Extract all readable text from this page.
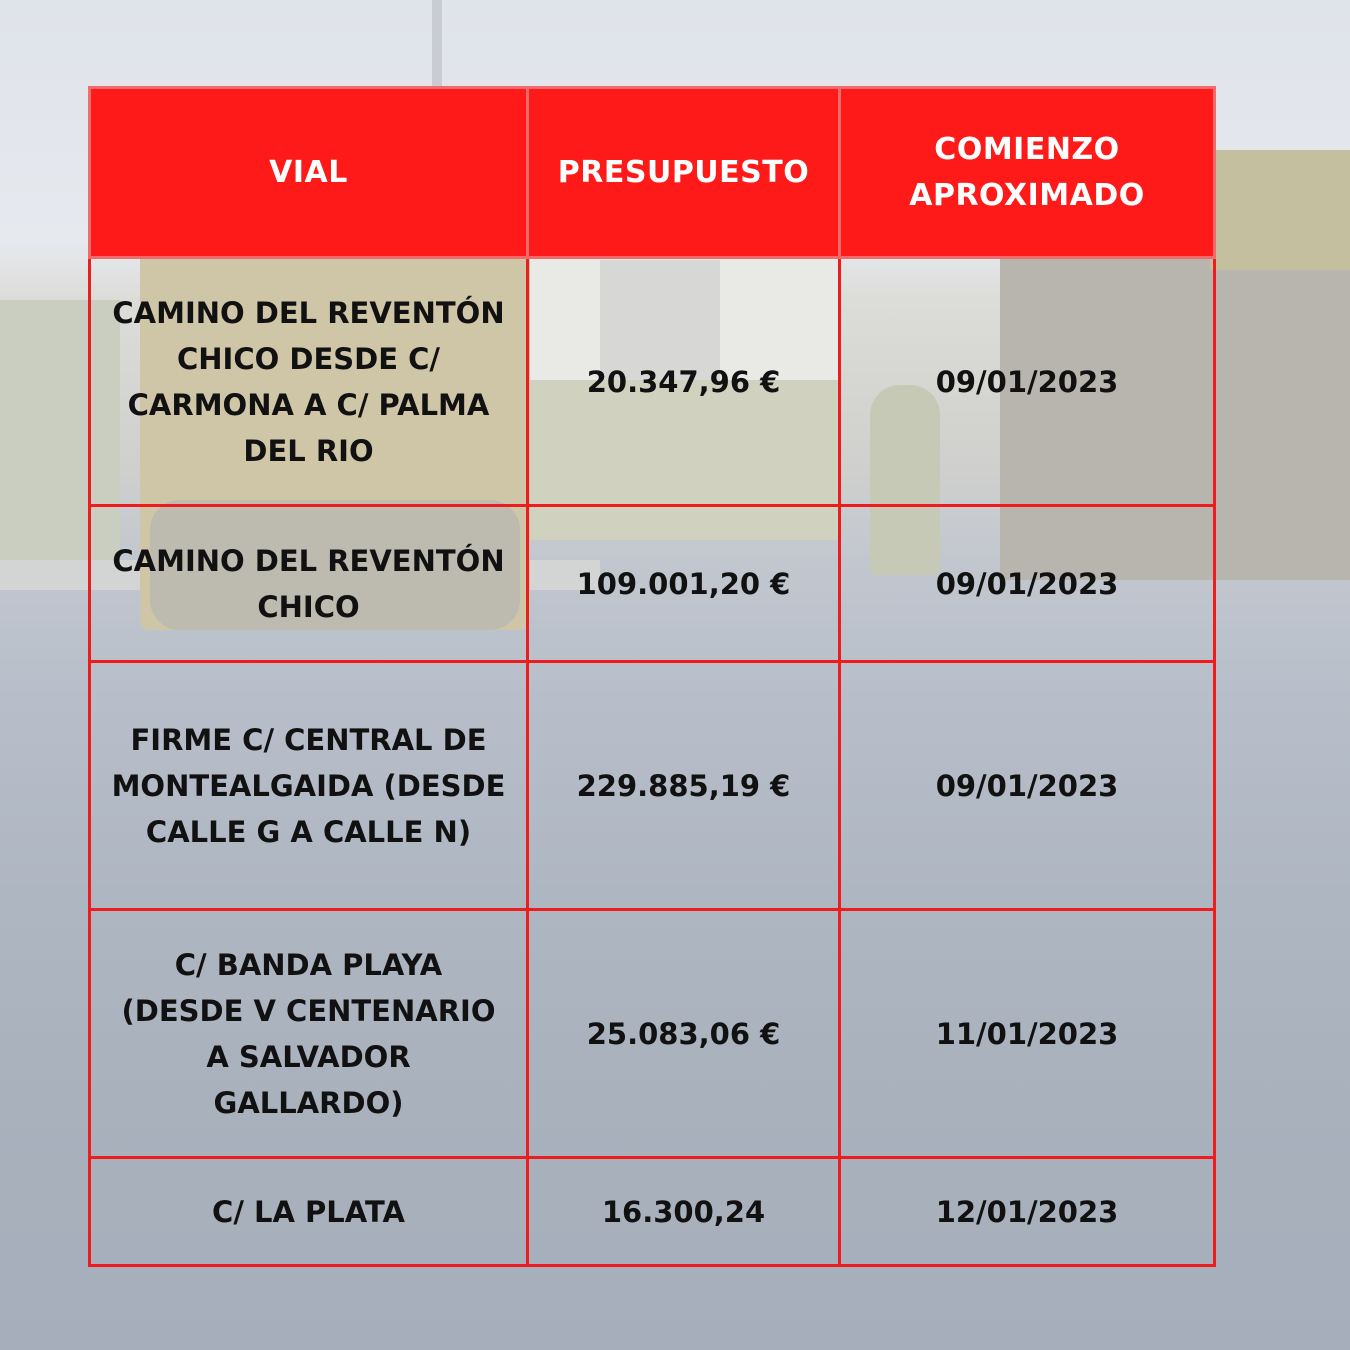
VIAL	PRESUPUESTO	COMIENZO APROXIMADO
CAMINO DEL REVENTÓN CHICO DESDE C/ CARMONA A C/ PALMA DEL RIO	20.347,96 €	09/01/2023
CAMINO DEL REVENTÓN CHICO	109.001,20 €	09/01/2023
FIRME C/ CENTRAL DE MONTEALGAIDA (DESDE CALLE G A CALLE N)	229.885,19 €	09/01/2023
C/ BANDA PLAYA (DESDE V CENTENARIO A SALVADOR GALLARDO)	25.083,06 €	11/01/2023
C/ LA PLATA	16.300,24	12/01/2023
